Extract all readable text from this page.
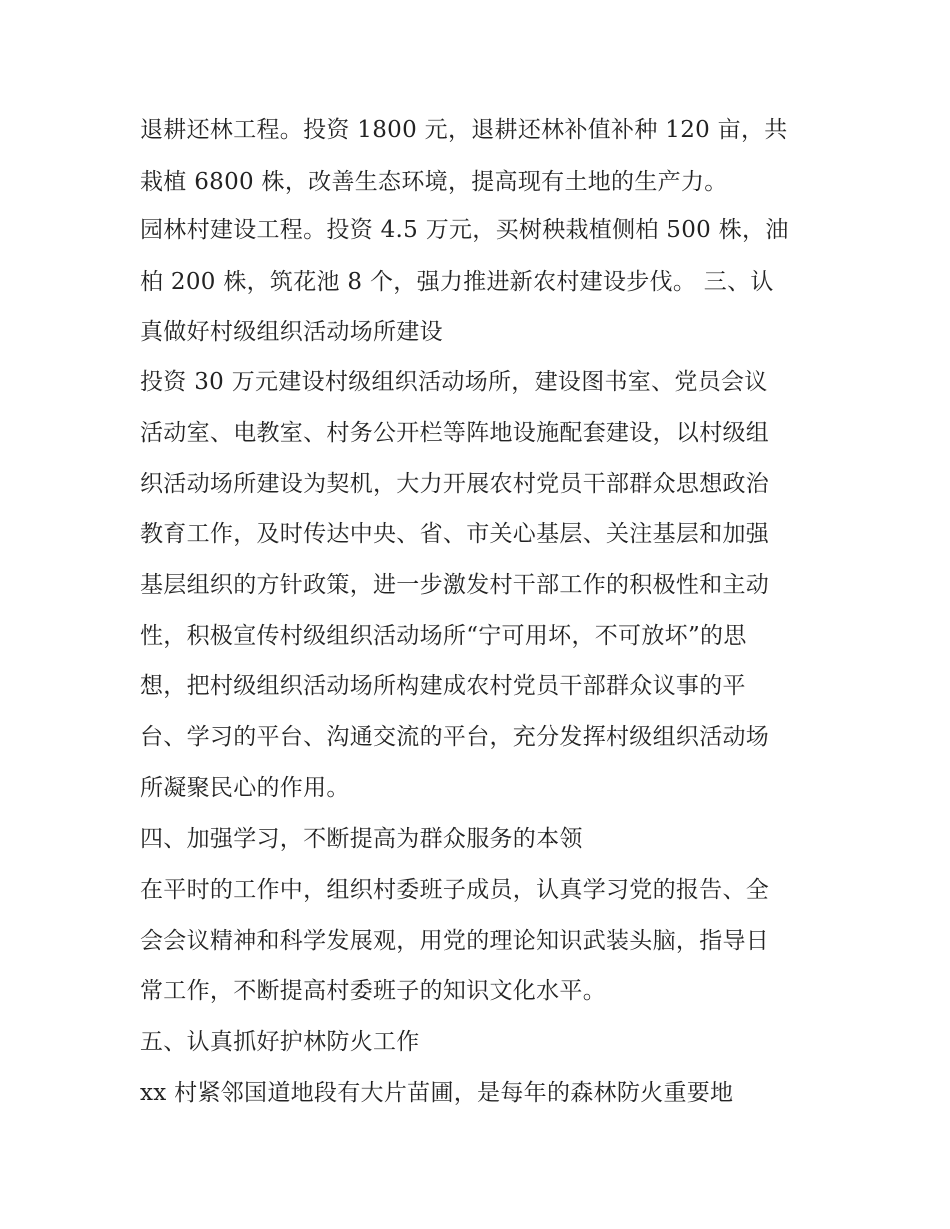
退耕还林工程。投资 1800 元，退耕还林补值补种 120 亩，共
栽植 6800 株，改善生态环境，提高现有土地的生产力。
园林村建设工程。投资 4.5 万元，买树秧栽植侧柏 500 株，油
柏 200 株，筑花池 8 个，强力推进新农村建设步伐。 三、认
真做好村级组织活动场所建设
投资 30 万元建设村级组织活动场所，建设图书室、党员会议
活动室、电教室、村务公开栏等阵地设施配套建设，以村级组
织活动场所建设为契机，大力开展农村党员干部群众思想政治
教育工作，及时传达中央、省、市关心基层、关注基层和加强
基层组织的方针政策，进一步激发村干部工作的积极性和主动
性，积极宣传村级组织活动场所“宁可用坏，不可放坏”的思
想，把村级组织活动场所构建成农村党员干部群众议事的平
台、学习的平台、沟通交流的平台，充分发挥村级组织活动场
所凝聚民心的作用。
四、加强学习，不断提高为群众服务的本领
在平时的工作中，组织村委班子成员，认真学习党的报告、全
会会议精神和科学发展观，用党的理论知识武装头脑，指导日
常工作，不断提高村委班子的知识文化水平。
五、认真抓好护林防火工作
xx 村紧邻国道地段有大片苗圃，是每年的森林防火重要地
